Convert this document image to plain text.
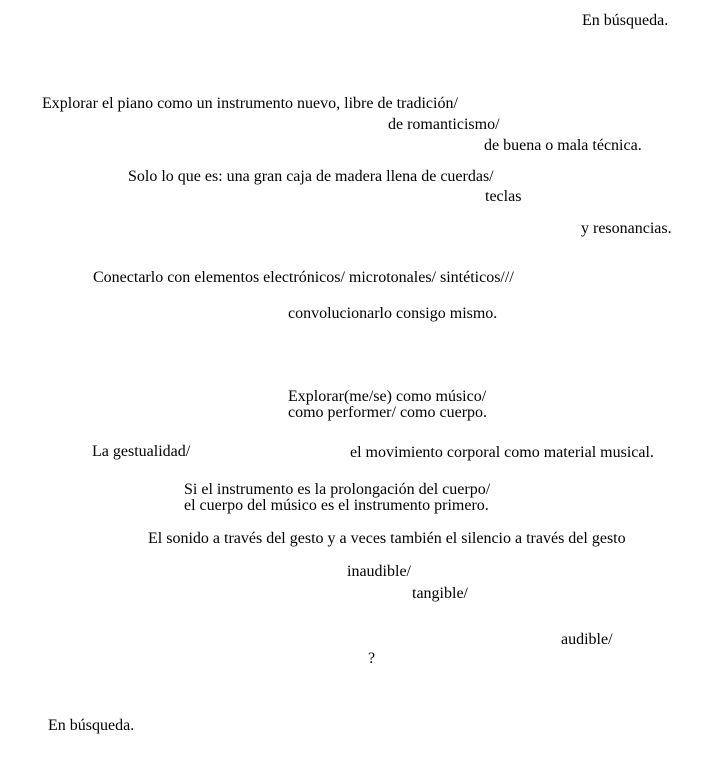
En búsqueda.
Explorar el piano como un instrumento nuevo, libre de tradición/
de romanticismo/
de buena o mala técnica.
Solo lo que es: una gran caja de madera llena de cuerdas/
teclas
y resonancias.
Conectarlo con elementos electrónicos/ microtonales/ sintéticos///
convolucionarlo consigo mismo.
Explorar(me/se) como músico/
como performer/ como cuerpo.
La gestualidad/	el movimiento corporal como material musical.
Si el instrumento es la prolongación del cuerpo/
el cuerpo del músico es el instrumento primero.
El sonido a través del gesto y a veces también el silencio a través del gesto
inaudible/
tangible/
audible/
?
En búsqueda.
